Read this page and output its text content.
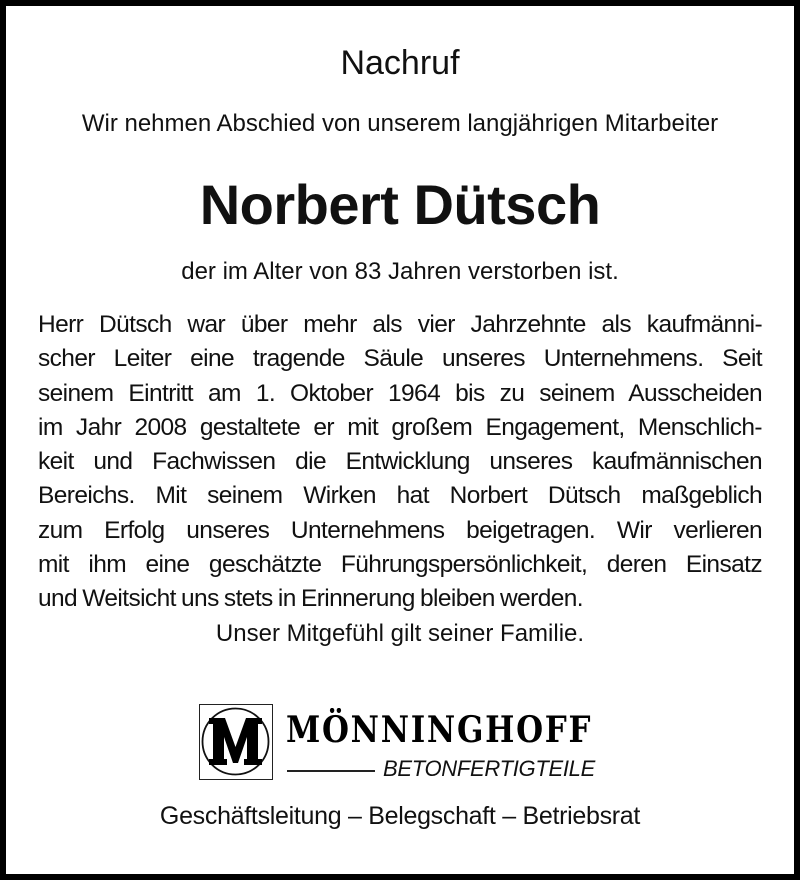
Nachruf
Wir nehmen Abschied von unserem langjährigen Mitarbeiter
Norbert Dütsch
der im Alter von 83 Jahren verstorben ist.
Herr Dütsch war über mehr als vier Jahrzehnte als kaufmänni-
scher Leiter eine tragende Säule unseres Unternehmens. Seit
seinem Eintritt am 1. Oktober 1964 bis zu seinem Ausscheiden
im Jahr 2008 gestaltete er mit großem Engagement, Menschlich-
keit und Fachwissen die Entwicklung unseres kaufmännischen
Bereichs. Mit seinem Wirken hat Norbert Dütsch maßgeblich
zum Erfolg unseres Unternehmens beigetragen. Wir verlieren
mit ihm eine geschätzte Führungspersönlichkeit, deren Einsatz
und Weitsicht uns stets in Erinnerung bleiben werden.
Unser Mitgefühl gilt seiner Familie.
MÖNNINGHOFF
BETONFERTIGTEILE
Geschäftsleitung – Belegschaft – Betriebsrat
